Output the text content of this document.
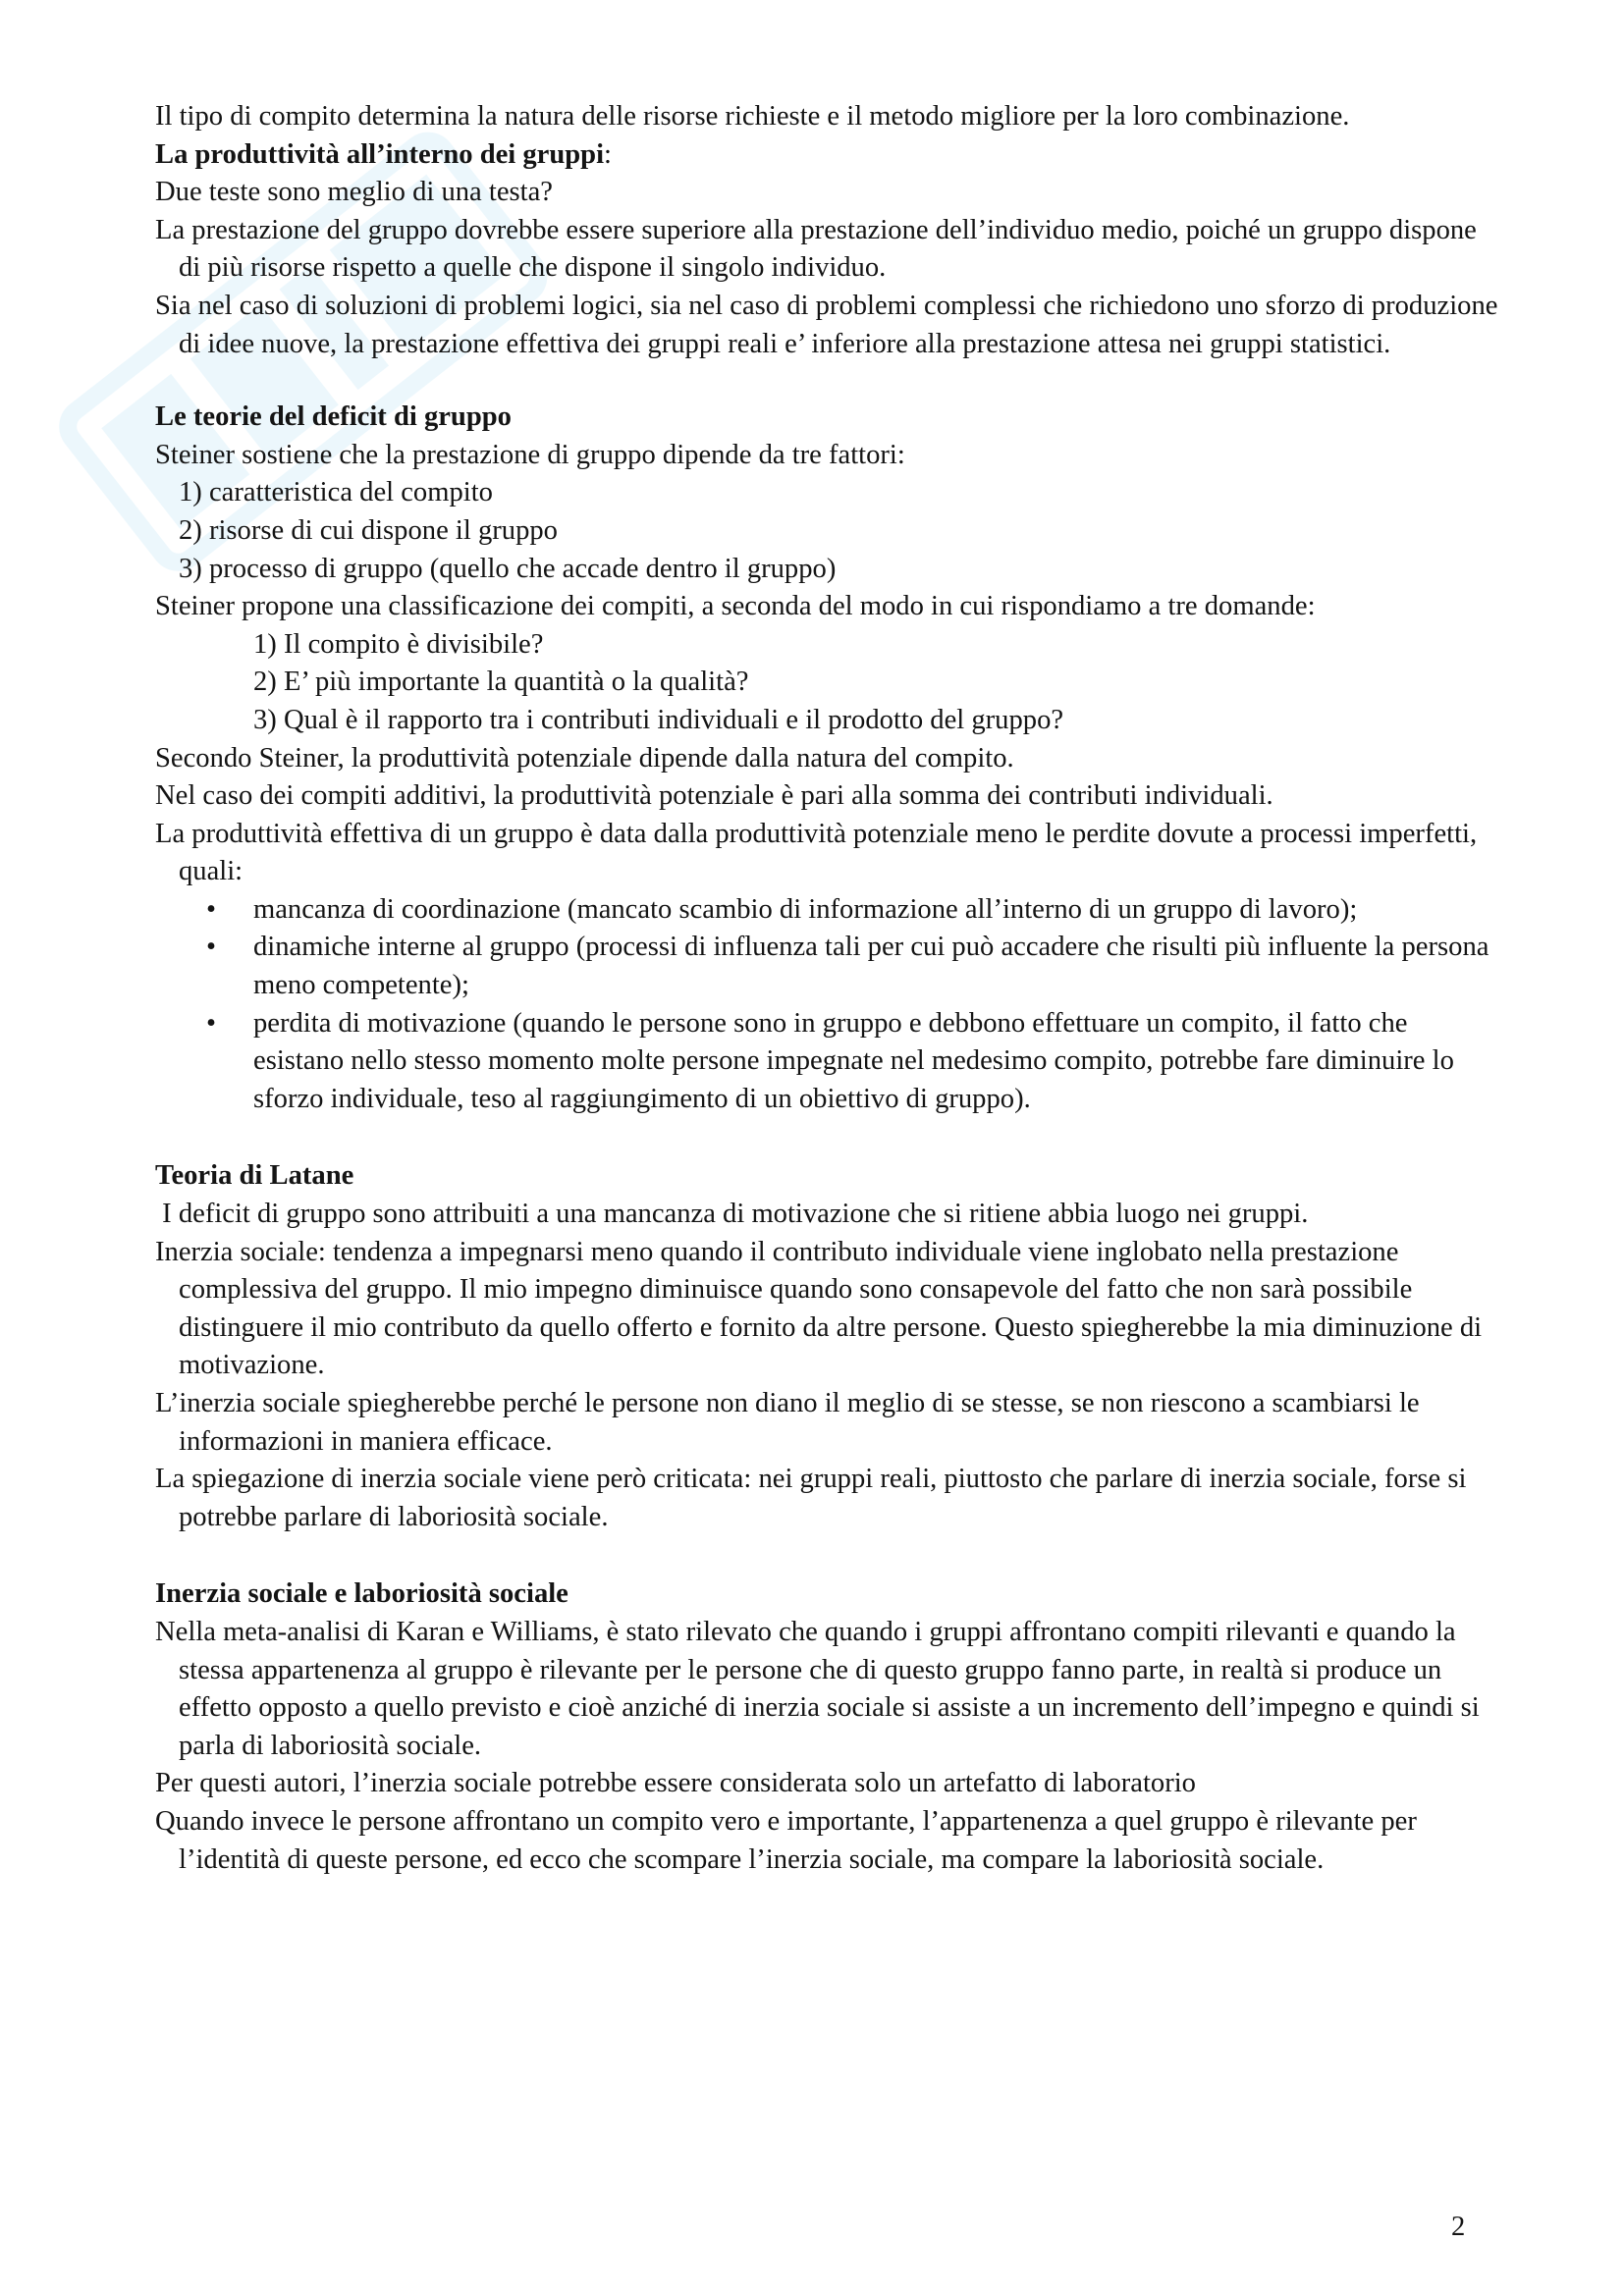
Il tipo di compito determina la natura delle risorse richieste e il metodo migliore per la loro combinazione.

La produttività all’interno dei gruppi:

Due teste sono meglio di una testa?

La prestazione del gruppo dovrebbe essere superiore alla prestazione dell’individuo medio, poiché un gruppo dispone di più risorse rispetto a quelle che dispone il singolo individuo.

Sia nel caso di soluzioni di problemi logici, sia nel caso di problemi complessi che richiedono uno sforzo di produzione di idee nuove, la prestazione effettiva dei gruppi reali e’ inferiore alla prestazione attesa nei gruppi statistici.

Le teorie del deficit di gruppo

Steiner sostiene che la prestazione di gruppo dipende da tre fattori:

1) caratteristica del compito

2) risorse di cui dispone il gruppo

3) processo di gruppo (quello che accade dentro il gruppo)

Steiner propone una classificazione dei compiti, a seconda del modo in cui rispondiamo a tre domande:

1) Il compito è divisibile?

2) E’ più importante la quantità o la qualità?

3) Qual è il rapporto tra i contributi individuali e il prodotto del gruppo?

Secondo Steiner, la produttività potenziale dipende dalla natura del compito.

Nel caso dei compiti additivi, la produttività potenziale è pari alla somma dei contributi individuali.

La produttività effettiva di un gruppo è data dalla produttività potenziale meno le perdite dovute a processi imperfetti, quali:

• mancanza di coordinazione (mancato scambio di informazione all’interno di un gruppo di lavoro);
• dinamiche interne al gruppo (processi di influenza tali per cui può accadere che risulti più influente la persona meno competente);
• perdita di motivazione (quando le persone sono in gruppo e debbono effettuare un compito, il fatto che esistano nello stesso momento molte persone impegnate nel medesimo compito, potrebbe fare diminuire lo sforzo individuale, teso al raggiungimento di un obiettivo di gruppo).

Teoria di Latane

I deficit di gruppo sono attribuiti a una mancanza di motivazione che si ritiene abbia luogo nei gruppi.

Inerzia sociale: tendenza a impegnarsi meno quando il contributo individuale viene inglobato nella prestazione complessiva del gruppo. Il mio impegno diminuisce quando sono consapevole del fatto che non sarà possibile distinguere il mio contributo da quello offerto e fornito da altre persone. Questo spiegherebbe la mia diminuzione di motivazione.

L’inerzia sociale spiegherebbe perché le persone non diano il meglio di se stesse, se non riescono a scambiarsi le informazioni in maniera efficace.

La spiegazione di inerzia sociale viene però criticata: nei gruppi reali, piuttosto che parlare di inerzia sociale, forse si potrebbe parlare di laboriosità sociale.

Inerzia sociale e laboriosità sociale

Nella meta-analisi di Karan e Williams, è stato rilevato che quando i gruppi affrontano compiti rilevanti e quando la stessa appartenenza al gruppo è rilevante per le persone che di questo gruppo fanno parte, in realtà si produce un effetto opposto a quello previsto e cioè anziché di inerzia sociale si assiste a un incremento dell’impegno e quindi si parla di laboriosità sociale.

Per questi autori, l’inerzia sociale potrebbe essere considerata solo un artefatto di laboratorio

Quando invece le persone affrontano un compito vero e importante, l’appartenenza a quel gruppo è rilevante per l’identità di queste persone, ed ecco che scompare l’inerzia sociale, ma compare la laboriosità sociale.

2
